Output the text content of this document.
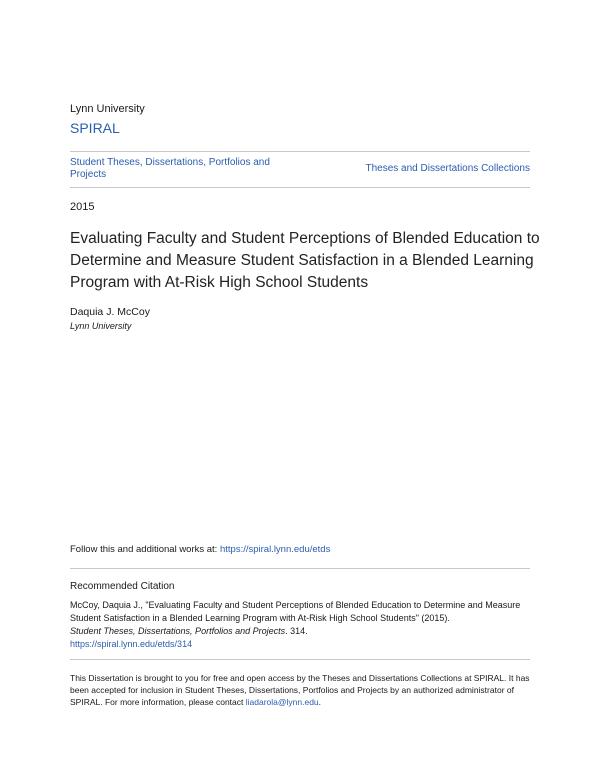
Lynn University
SPIRAL
Student Theses, Dissertations, Portfolios and Projects
Theses and Dissertations Collections
2015
Evaluating Faculty and Student Perceptions of Blended Education to Determine and Measure Student Satisfaction in a Blended Learning Program with At-Risk High School Students
Daquia J. McCoy
Lynn University
Follow this and additional works at: https://spiral.lynn.edu/etds
Recommended Citation
McCoy, Daquia J., "Evaluating Faculty and Student Perceptions of Blended Education to Determine and Measure Student Satisfaction in a Blended Learning Program with At-Risk High School Students" (2015).
Student Theses, Dissertations, Portfolios and Projects. 314.
https://spiral.lynn.edu/etds/314
This Dissertation is brought to you for free and open access by the Theses and Dissertations Collections at SPIRAL. It has been accepted for inclusion in Student Theses, Dissertations, Portfolios and Projects by an authorized administrator of SPIRAL. For more information, please contact liadarola@lynn.edu.
